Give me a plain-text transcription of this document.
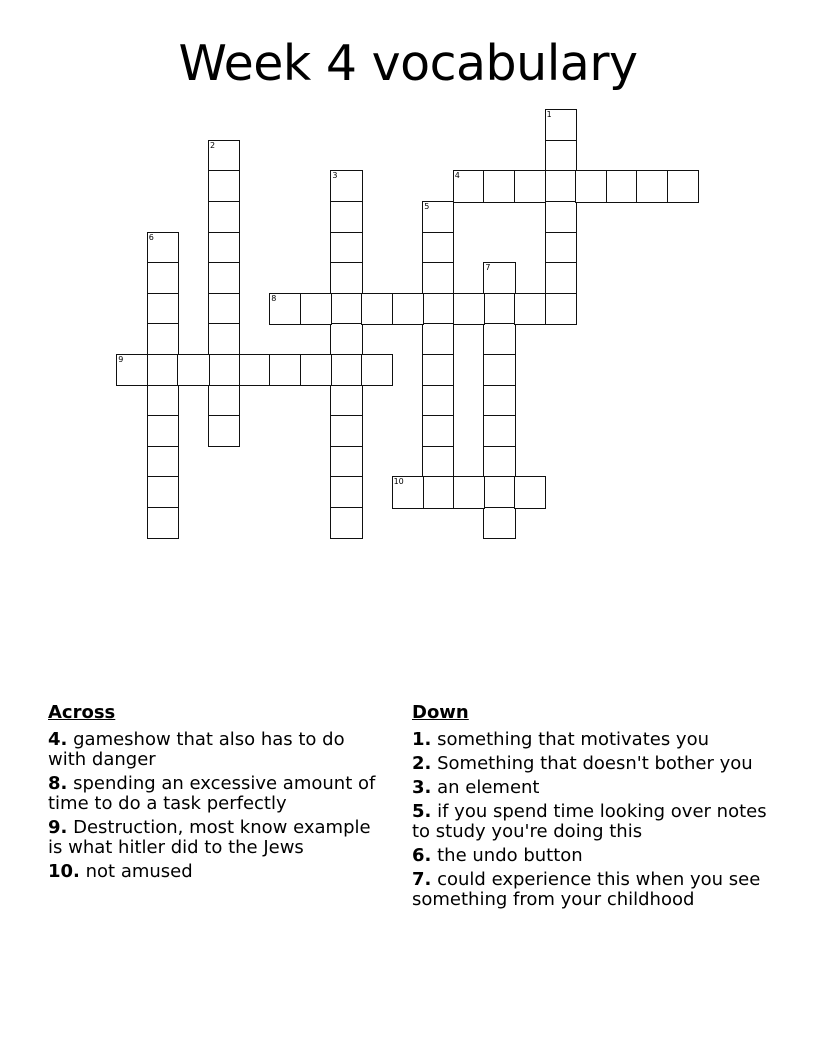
Week 4 vocabulary
1
2
3	4
5
6
7
8
9
10
Across
4. gameshow that also has to do with danger
8. spending an excessive amount of time to do a task perfectly
9. Destruction, most know example is what hitler did to the Jews
10. not amused
Down
1. something that motivates you
2. Something that doesn't bother you
3. an element
5. if you spend time looking over notes to study you're doing this
6. the undo button
7. could experience this when you see something from your childhood
